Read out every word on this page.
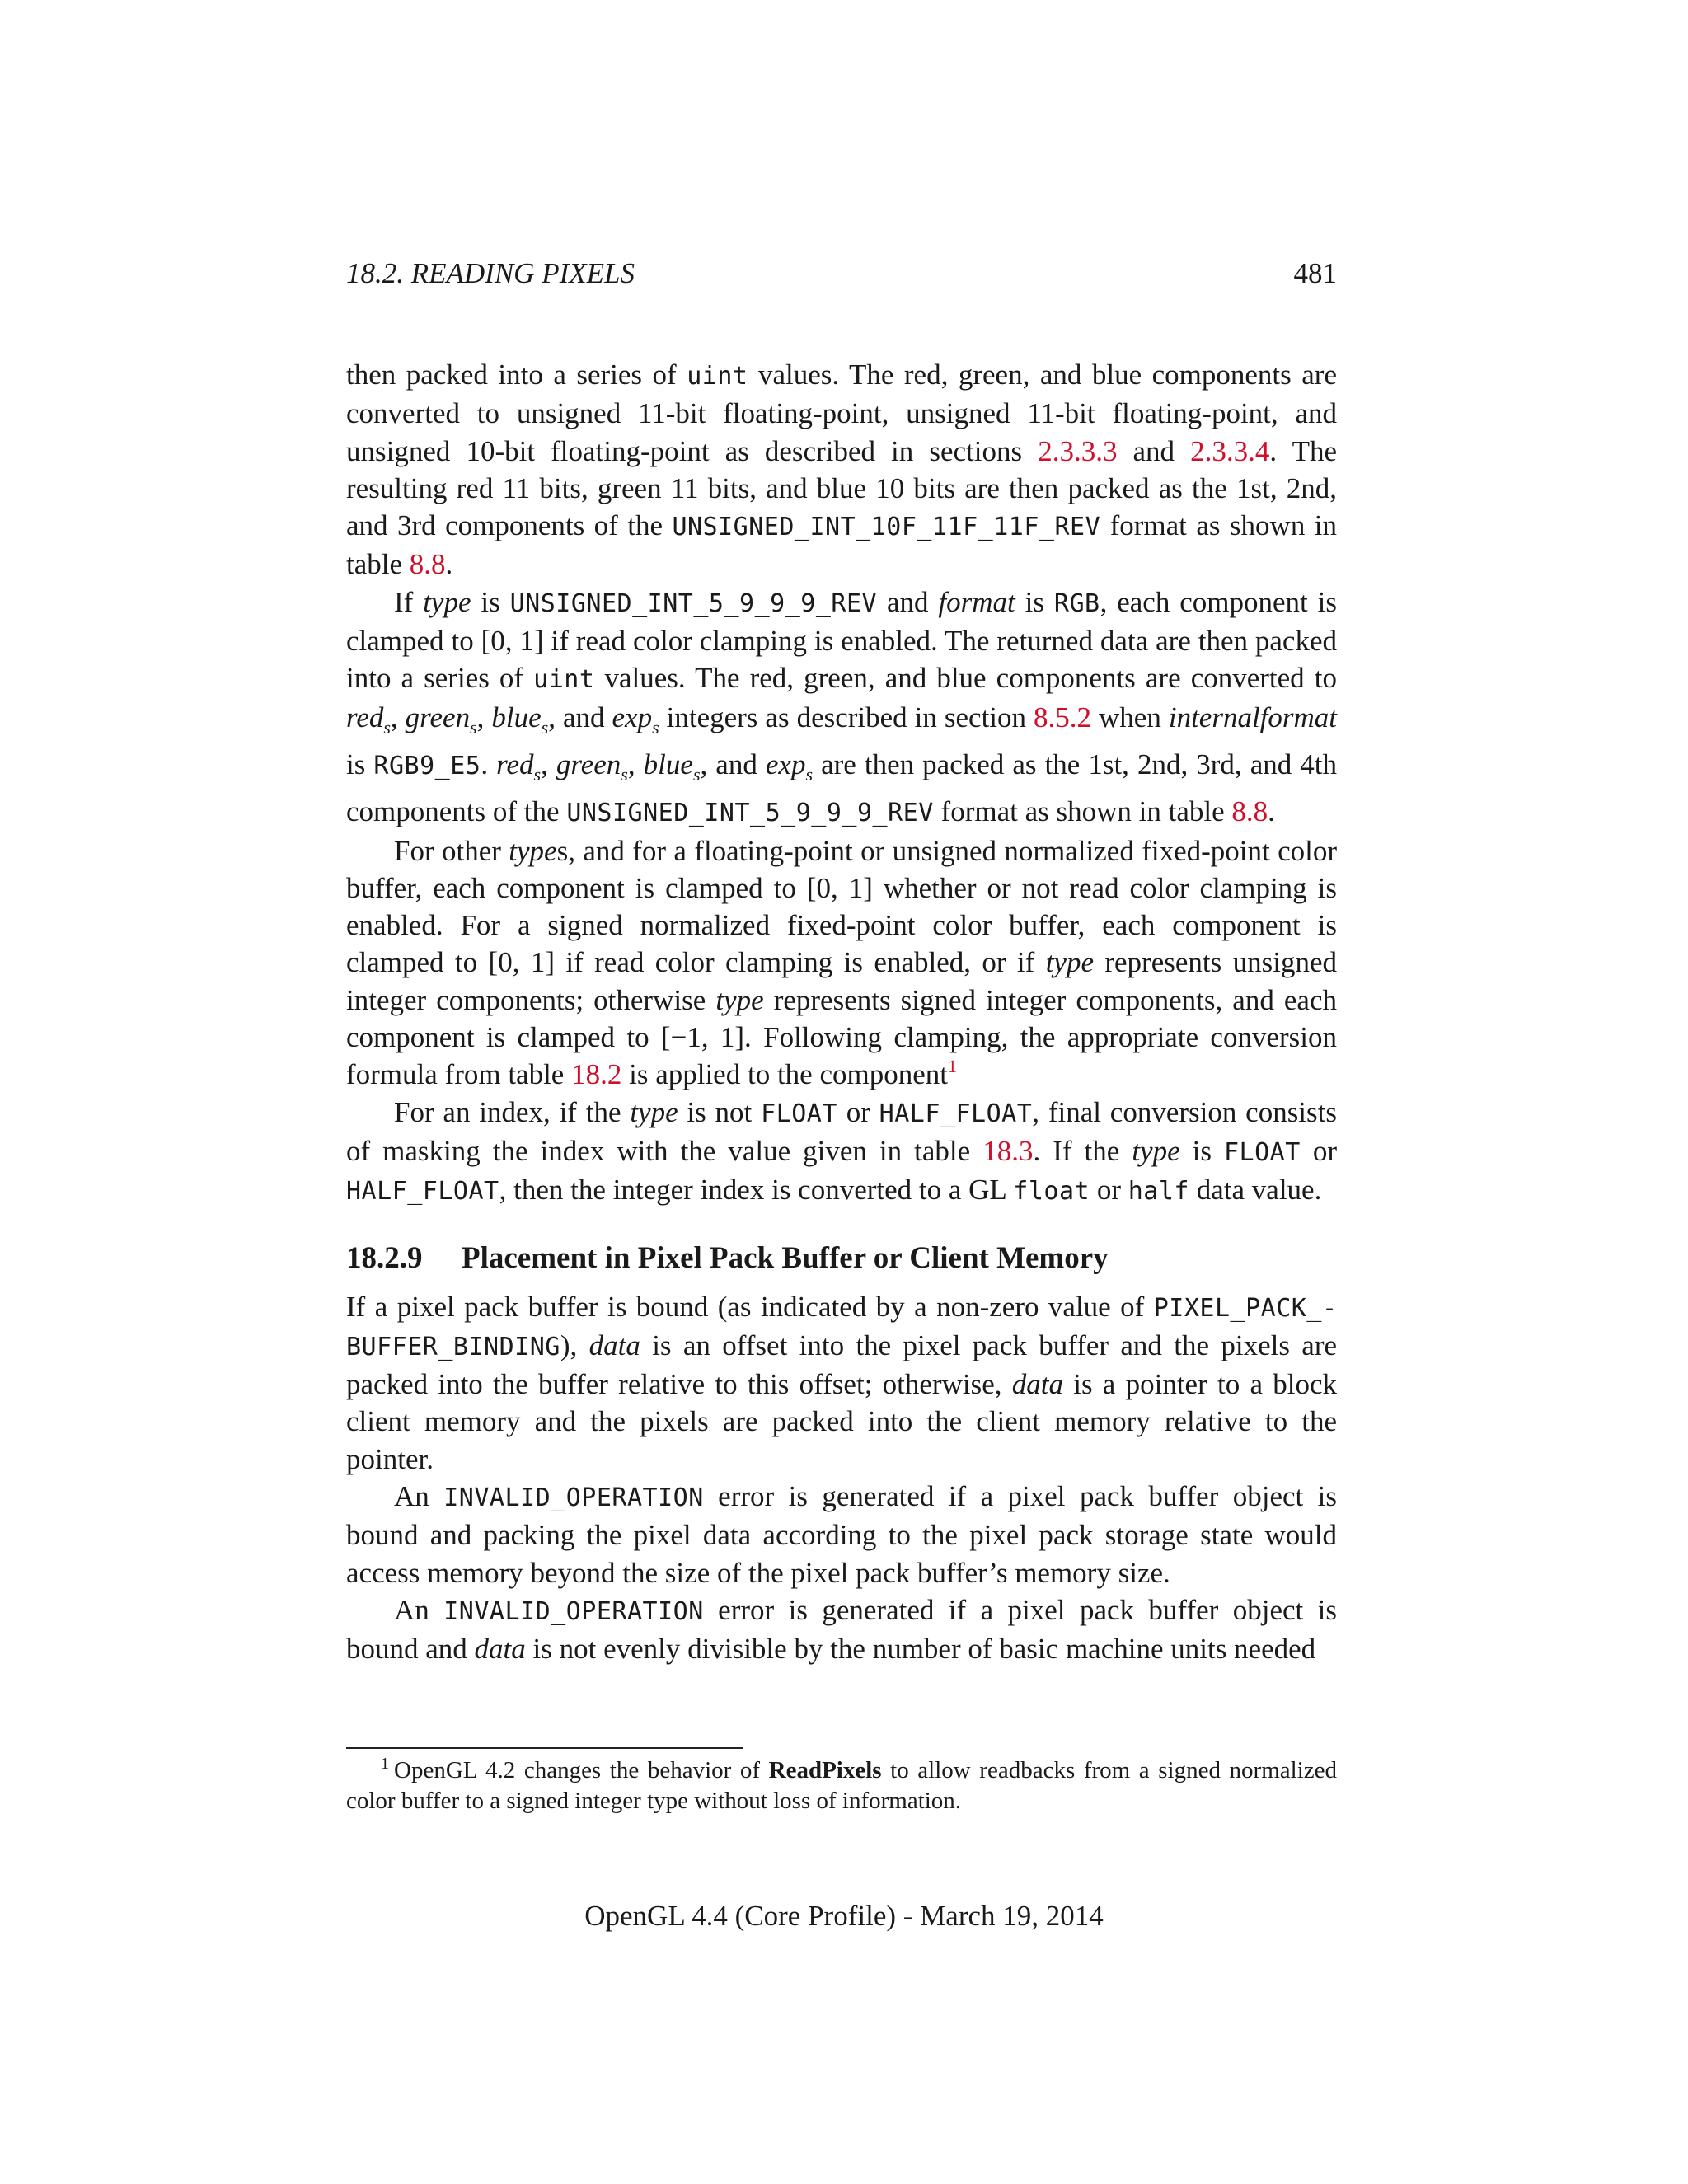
18.2. READING PIXELS	481

then packed into a series of uint values. The red, green, and blue components are converted to unsigned 11-bit floating-point, unsigned 11-bit floating-point, and unsigned 10-bit floating-point as described in sections 2.3.3.3 and 2.3.3.4. The resulting red 11 bits, green 11 bits, and blue 10 bits are then packed as the 1st, 2nd, and 3rd components of the UNSIGNED_INT_10F_11F_11F_REV format as shown in table 8.8.

If type is UNSIGNED_INT_5_9_9_9_REV and format is RGB, each component is clamped to [0, 1] if read color clamping is enabled. The returned data are then packed into a series of uint values. The red, green, and blue components are converted to red$_s$, green$_s$, blue$_s$, and $\exp_s$ integers as described in section 8.5.2 when internalformat is RGB9_E5. red$_s$, green$_s$, blue$_s$, and $\exp_s$ are then packed as the 1st, 2nd, 3rd, and 4th components of the UNSIGNED_INT_5_9_9_9_REV format as shown in table 8.8.

For other types, and for a floating-point or unsigned normalized fixed-point color buffer, each component is clamped to [0, 1] whether or not read color clamping is enabled. For a signed normalized fixed-point color buffer, each component is clamped to [0, 1] if read color clamping is enabled, or if type represents unsigned integer components; otherwise type represents signed integer components, and each component is clamped to [−1, 1]. Following clamping, the appropriate conversion formula from table 18.2 is applied to the component$^1$

For an index, if the type is not FLOAT or HALF_FLOAT, final conversion consists of masking the index with the value given in table 18.3. If the type is FLOAT or HALF_FLOAT, then the integer index is converted to a GL float or half data value.

18.2.9 Placement in Pixel Pack Buffer or Client Memory

If a pixel pack buffer is bound (as indicated by a non-zero value of PIXEL_PACK_BUFFER_BINDING), data is an offset into the pixel pack buffer and the pixels are packed into the buffer relative to this offset; otherwise, data is a pointer to a block client memory and the pixels are packed into the client memory relative to the pointer.

An INVALID_OPERATION error is generated if a pixel pack buffer object is bound and packing the pixel data according to the pixel pack storage state would access memory beyond the size of the pixel pack buffer’s memory size.

An INVALID_OPERATION error is generated if a pixel pack buffer object is bound and data is not evenly divisible by the number of basic machine units needed

$^1$ OpenGL 4.2 changes the behavior of ReadPixels to allow readbacks from a signed normalized color buffer to a signed integer type without loss of information.
OpenGL 4.4 (Core Profile) - March 19, 2014
